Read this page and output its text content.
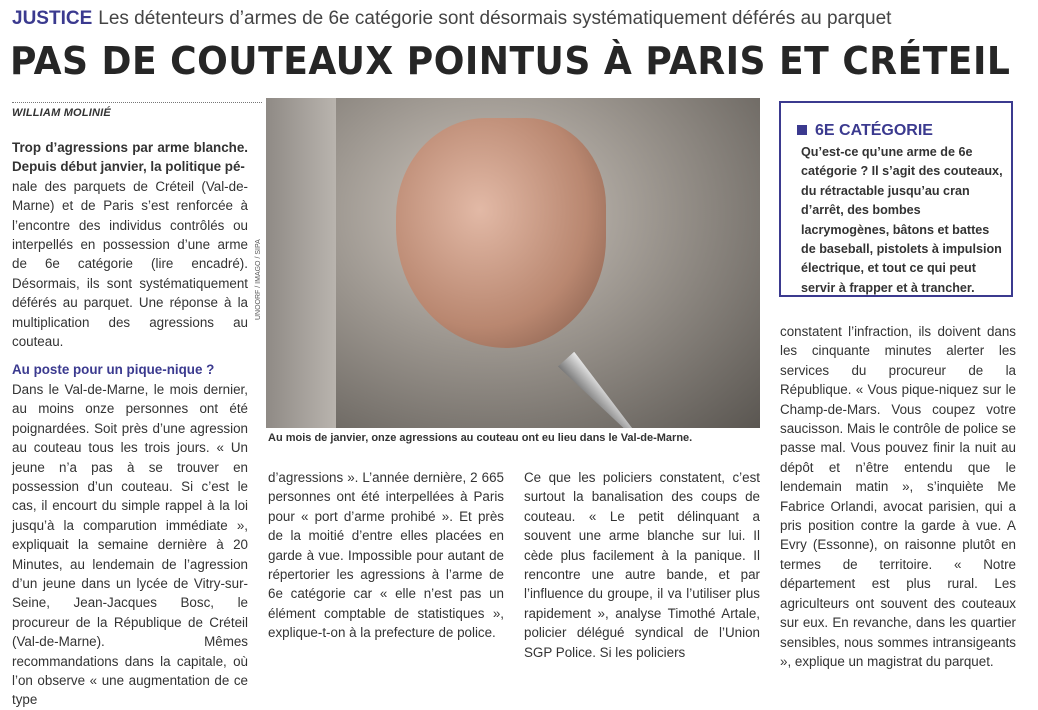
JUSTICE Les détenteurs d’armes de 6e catégorie sont désormais systématiquement déférés au parquet
PAS DE COUTEAUX POINTUS À PARIS ET CRÉTEIL
WILLIAM MOLINIÉ

Trop d’agressions par arme blanche. Depuis début janvier, la politique pé-

nale des parquets de Créteil (Val-de-Marne) et de Paris s’est renforcée à l’encontre des individus contrôlés ou interpellés en possession d’une arme de 6e catégorie (lire encadré). Désormais, ils sont systématiquement déférés au parquet. Une réponse à la multiplication des agressions au couteau.

Au poste pour un pique-nique ?

Dans le Val-de-Marne, le mois dernier, au moins onze personnes ont été poignardées. Soit près d’une agression au couteau tous les trois jours. « Un jeune n’a pas à se trouver en possession d’un couteau. Si c’est le cas, il encourt du simple rappel à la loi jusqu’à la comparution immédiate », expliquait la semaine dernière à 20 Minutes, au lendemain de l’agression d’un jeune dans un lycée de Vitry-sur-Seine, Jean-Jacques Bosc, le procureur de la République de Créteil (Val-de-Marne). Mêmes recommandations dans la capitale, où l’on observe « une augmentation de ce type

UNOORF / IMAGO / SIPA
Au mois de janvier, onze agressions au couteau ont eu lieu dans le Val-de-Marne.

d’agressions ». L’année dernière, 2 665 personnes ont été interpellées à Paris pour « port d’arme prohibé ». Et près de la moitié d’entre elles placées en garde à vue. Impossible pour autant de répertorier les agressions à l’arme de 6e catégorie car « elle n’est pas un élément comptable de statistiques », explique-t-on à la prefecture de police.

Ce que les policiers constatent, c’est surtout la banalisation des coups de couteau. « Le petit délinquant a souvent une arme blanche sur lui. Il cède plus facilement à la panique. Il rencontre une autre bande, et par l’influence du groupe, il va l’utiliser plus rapidement », analyse Timothé Artale, policier délégué syndical de l’Union SGP Police. Si les policiers

6E CATÉGORIE
Qu’est-ce qu’une arme de 6e catégorie ? Il s’agit des couteaux, du rétractable jusqu’au cran d’arrêt, des bombes lacrymogènes, bâtons et battes de baseball, pistolets à impulsion électrique, et tout ce qui peut servir à frapper et à trancher.

constatent l’infraction, ils doivent dans les cinquante minutes alerter les services du procureur de la République. « Vous pique-niquez sur le Champ-de-Mars. Vous coupez votre saucisson. Mais le contrôle de police se passe mal. Vous pouvez finir la nuit au dépôt et n’être entendu que le lendemain matin », s’inquiète Me Fabrice Orlandi, avocat parisien, qui a pris position contre la garde à vue. A Evry (Essonne), on raisonne plutôt en termes de territoire. « Notre département est plus rural. Les agriculteurs ont souvent des couteaux sur eux. En revanche, dans les quartier sensibles, nous sommes intransigeants », explique un magistrat du parquet.
